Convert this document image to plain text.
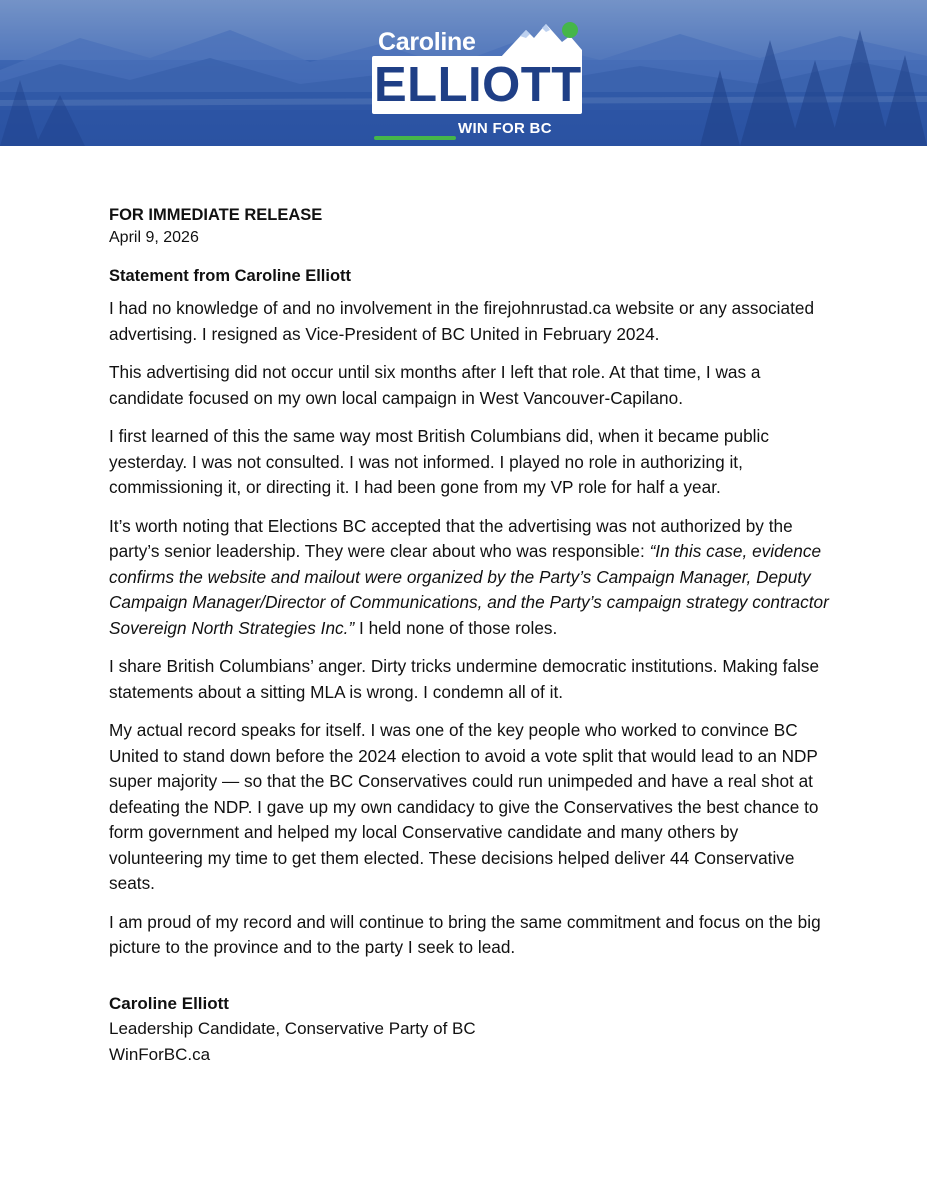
Caroline
ELLIOTT
WIN FOR BC

FOR IMMEDIATE RELEASE

April 9, 2026

Statement from Caroline Elliott

I had no knowledge of and no involvement in the firejohnrustad.ca website or any associated advertising. I resigned as Vice-President of BC United in February 2024.

This advertising did not occur until six months after I left that role. At that time, I was a candidate focused on my own local campaign in West Vancouver-Capilano.

I first learned of this the same way most British Columbians did, when it became public yesterday. I was not consulted. I was not informed. I played no role in authorizing it, commissioning it, or directing it. I had been gone from my VP role for half a year.

It’s worth noting that Elections BC accepted that the advertising was not authorized by the party’s senior leadership. They were clear about who was responsible: “In this case, evidence confirms the website and mailout were organized by the Party’s Campaign Manager, Deputy Campaign Manager/Director of Communications, and the Party’s campaign strategy contractor Sovereign North Strategies Inc.” I held none of those roles.

I share British Columbians’ anger. Dirty tricks undermine democratic institutions. Making false statements about a sitting MLA is wrong. I condemn all of it.

My actual record speaks for itself. I was one of the key people who worked to convince BC United to stand down before the 2024 election to avoid a vote split that would lead to an NDP super majority — so that the BC Conservatives could run unimpeded and have a real shot at defeating the NDP. I gave up my own candidacy to give the Conservatives the best chance to form government and helped my local Conservative candidate and many others by volunteering my time to get them elected. These decisions helped deliver 44 Conservative seats.

I am proud of my record and will continue to bring the same commitment and focus on the big picture to the province and to the party I seek to lead.

Caroline Elliott
Leadership Candidate, Conservative Party of BC
WinForBC.ca
